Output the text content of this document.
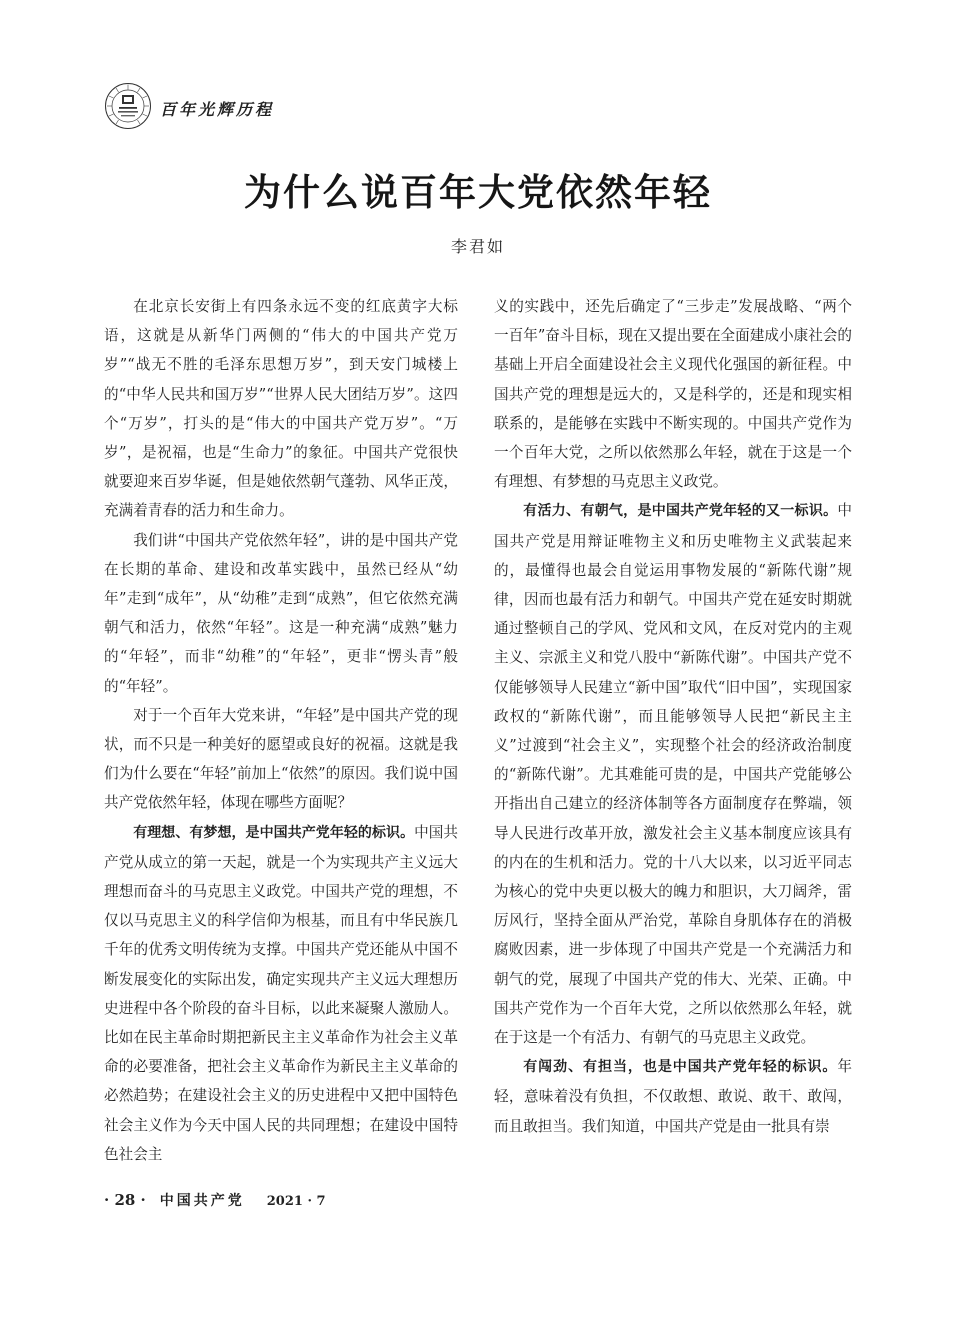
百年光辉历程
为什么说百年大党依然年轻
李君如

在北京长安街上有四条永远不变的红底黄字大标语，这就是从新华门两侧的“伟大的中国共产党万岁”“战无不胜的毛泽东思想万岁”，到天安门城楼上的“中华人民共和国万岁”“世界人民大团结万岁”。这四个“万岁”，打头的是“伟大的中国共产党万岁”。“万岁”，是祝福，也是“生命力”的象征。中国共产党很快就要迎来百岁华诞，但是她依然朝气蓬勃、风华正茂，充满着青春的活力和生命力。

我们讲“中国共产党依然年轻”，讲的是中国共产党在长期的革命、建设和改革实践中，虽然已经从“幼年”走到“成年”，从“幼稚”走到“成熟”，但它依然充满朝气和活力，依然“年轻”。这是一种充满“成熟”魅力的“年轻”，而非“幼稚”的“年轻”，更非“愣头青”般的“年轻”。

对于一个百年大党来讲，“年轻”是中国共产党的现状，而不只是一种美好的愿望或良好的祝福。这就是我们为什么要在“年轻”前加上“依然”的原因。我们说中国共产党依然年轻，体现在哪些方面呢？

有理想、有梦想，是中国共产党年轻的标识。中国共产党从成立的第一天起，就是一个为实现共产主义远大理想而奋斗的马克思主义政党。中国共产党的理想，不仅以马克思主义的科学信仰为根基，而且有中华民族几千年的优秀文明传统为支撑。中国共产党还能从中国不断发展变化的实际出发，确定实现共产主义远大理想历史进程中各个阶段的奋斗目标，以此来凝聚人激励人。比如在民主革命时期把新民主主义革命作为社会主义革命的必要准备，把社会主义革命作为新民主主义革命的必然趋势；在建设社会主义的历史进程中又把中国特色社会主义作为今天中国人民的共同理想；在建设中国特色社会主

义的实践中，还先后确定了“三步走”发展战略、“两个一百年”奋斗目标，现在又提出要在全面建成小康社会的基础上开启全面建设社会主义现代化强国的新征程。中国共产党的理想是远大的，又是科学的，还是和现实相联系的，是能够在实践中不断实现的。中国共产党作为一个百年大党，之所以依然那么年轻，就在于这是一个有理想、有梦想的马克思主义政党。

有活力、有朝气，是中国共产党年轻的又一标识。中国共产党是用辩证唯物主义和历史唯物主义武装起来的，最懂得也最会自觉运用事物发展的“新陈代谢”规律，因而也最有活力和朝气。中国共产党在延安时期就通过整顿自己的学风、党风和文风，在反对党内的主观主义、宗派主义和党八股中“新陈代谢”。中国共产党不仅能够领导人民建立“新中国”取代“旧中国”，实现国家政权的“新陈代谢”，而且能够领导人民把“新民主主义”过渡到“社会主义”，实现整个社会的经济政治制度的“新陈代谢”。尤其难能可贵的是，中国共产党能够公开指出自己建立的经济体制等各方面制度存在弊端，领导人民进行改革开放，激发社会主义基本制度应该具有的内在的生机和活力。党的十八大以来，以习近平同志为核心的党中央更以极大的魄力和胆识，大刀阔斧，雷厉风行，坚持全面从严治党，革除自身肌体存在的消极腐败因素，进一步体现了中国共产党是一个充满活力和朝气的党，展现了中国共产党的伟大、光荣、正确。中国共产党作为一个百年大党，之所以依然那么年轻，就在于这是一个有活力、有朝气的马克思主义政党。

有闯劲、有担当，也是中国共产党年轻的标识。年轻，意味着没有负担，不仅敢想、敢说、敢干、敢闯，而且敢担当。我们知道，中国共产党是由一批具有崇

· 28 · 中国共产党 2021 · 7
